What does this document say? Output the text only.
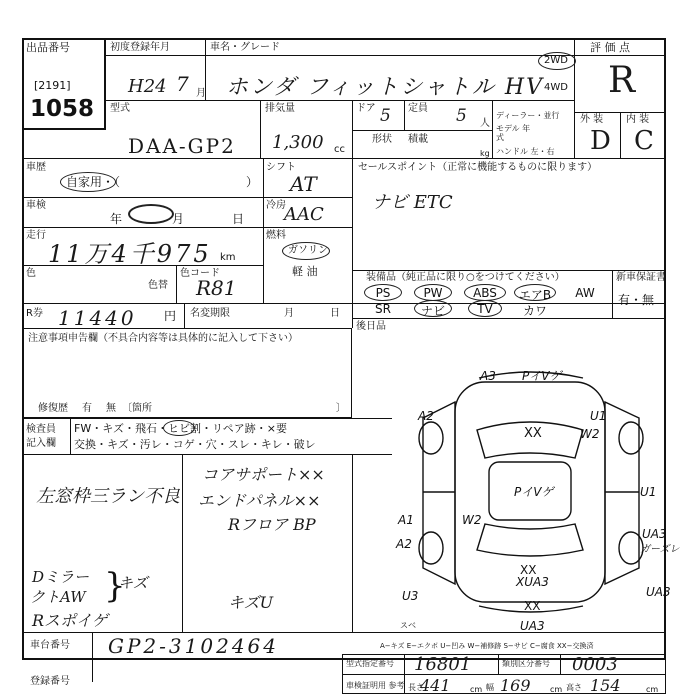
出品番号
[2191]
1058
初度登録年月
H24 7 月
車名・グレード
ホンダ フィットシャトル HV
2WD
4WD
評 価 点
R
型式
DAA-GP2
排気量
1,300 cc
ドア 5 定員 5 人
形状 積載
kg
ディーラー・並行
モデル 年式
ハンドル 左・右
外 装 内 装
D C
車歴
自家用・（	）
車検
年	月	日
走行
11万4千975 km
色
色替
色コード
R81
シフト
AT
冷房
AAC
燃料
ガソリン
軽 油
セールスポイント（正常に機能するものに限ります）
ナビ ETC
装備品（純正品に限り○をつけてください）	新車保証書
有・無
PS	PW	ABS	エアB	AW
SR	ナビ	TV	カワ
R券 11440 円 名変期限	月	日
後日品
注意事項申告欄（不具合内容等は具体的に記入して下さい）
修復歴 有 無 〔箇所	〕
検査員
記入欄
FW・キズ・飛石・ヒビ割・リペア跡・×要
交換・キズ・汚レ・コゲ・穴・スレ・キレ・破レ
左窓枠三ラン不良
コアサポート××
エンドパネル××
Rフロア BP
Dミラー
クトAW
キズ
Rスポイゲ
キズU
}
A3 PイVゲ
A2
XX
U1
W2
PイVゲ	U1
A1	W2
A2
UA3
ガーズレ
XX
XUA3
U3	UA3
スベ
XX
UA3
A−キズ E−エクボ U−凹み W−補修跡 S−サビ C−腐食 XX−交換済
車台番号 GP2-3102464
登録番号
型式指定番号 16801	類別区分番号 0003
車検証明用 参考 長さ
441 cm 幅 169 cm 高さ 154	cm
